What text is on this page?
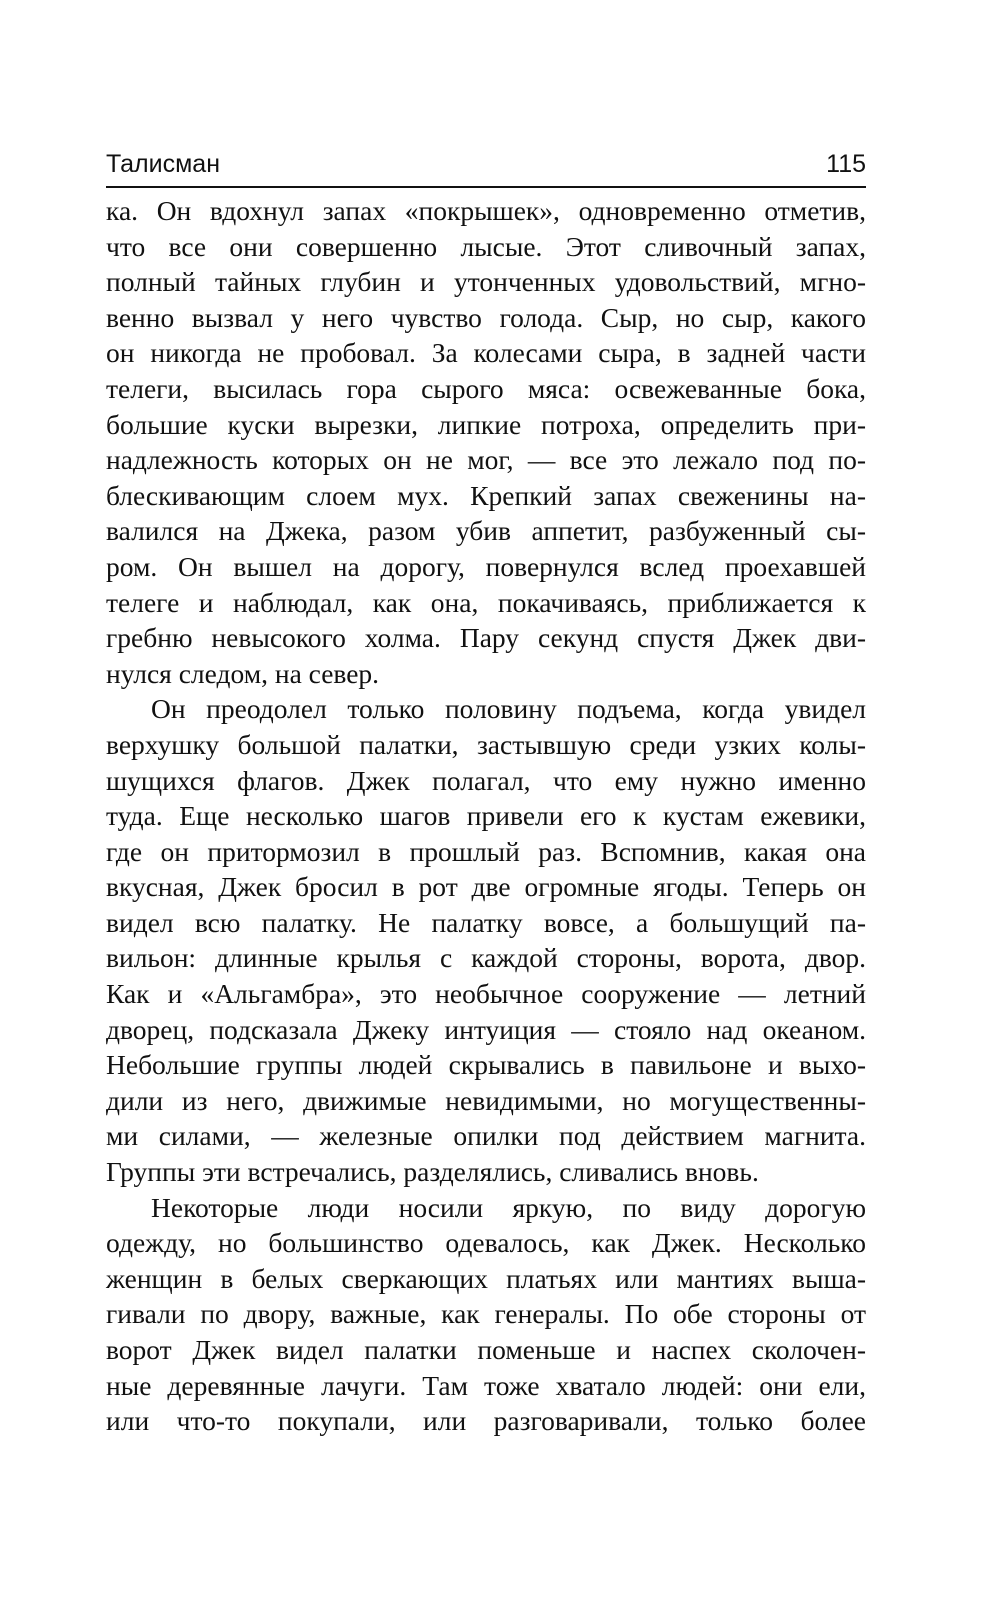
Талисман	115
ка. Он вдохнул запах «покрышек», одновременно отметив,
что все они совершенно лысые. Этот сливочный запах,
полный тайных глубин и утонченных удовольствий, мгно-
венно вызвал у него чувство голода. Сыр, но сыр, какого
он никогда не пробовал. За колесами сыра, в задней части
телеги, высилась гора сырого мяса: освежеванные бока,
большие куски вырезки, липкие потроха, определить при-
надлежность которых он не мог, — все это лежало под по-
блескивающим слоем мух. Крепкий запах свеженины на-
валился на Джека, разом убив аппетит, разбуженный сы-
ром. Он вышел на дорогу, повернулся вслед проехавшей
телеге и наблюдал, как она, покачиваясь, приближается к
гребню невысокого холма. Пару секунд спустя Джек дви-
нулся следом, на север.
Он преодолел только половину подъема, когда увидел
верхушку большой палатки, застывшую среди узких колы-
шущихся флагов. Джек полагал, что ему нужно именно
туда. Еще несколько шагов привели его к кустам ежевики,
где он притормозил в прошлый раз. Вспомнив, какая она
вкусная, Джек бросил в рот две огромные ягоды. Теперь он
видел всю палатку. Не палатку вовсе, а большущий па-
вильон: длинные крылья с каждой стороны, ворота, двор.
Как и «Альгамбра», это необычное сооружение — летний
дворец, подсказала Джеку интуиция — стояло над океаном.
Небольшие группы людей скрывались в павильоне и выхо-
дили из него, движимые невидимыми, но могущественны-
ми силами, — железные опилки под действием магнита.
Группы эти встречались, разделялись, сливались вновь.
Некоторые люди носили яркую, по виду дорогую
одежду, но большинство одевалось, как Джек. Несколько
женщин в белых сверкающих платьях или мантиях выша-
гивали по двору, важные, как генералы. По обе стороны от
ворот Джек видел палатки поменьше и наспех сколочен-
ные деревянные лачуги. Там тоже хватало людей: они ели,
или что-то покупали, или разговаривали, только более
